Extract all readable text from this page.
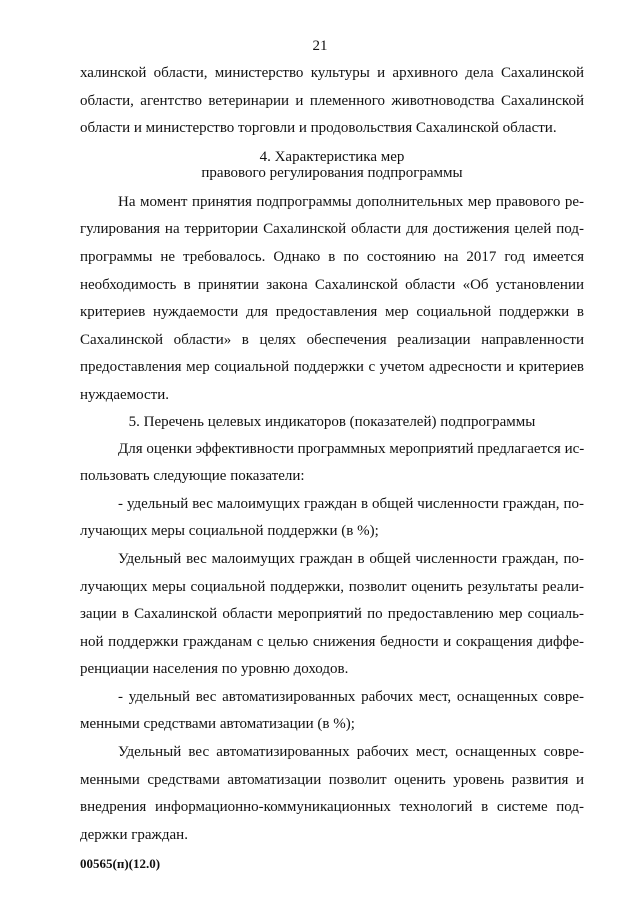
21

халинской области, министерство культуры и архивного дела Сахалинской
области, агентство ветеринарии и племенного животноводства Сахалинской
области и министерство торговли и продовольствия Сахалинской области.

4. Характеристика мер
правового регулирования подпрограммы

На момент принятия подпрограммы дополнительных мер правового ре-
гулирования на территории Сахалинской области для достижения целей под-
программы не требовалось. Однако в по состоянию на 2017 год имеется
необходимость в принятии закона Сахалинской области «Об установлении
критериев нуждаемости для предоставления мер социальной поддержки в
Сахалинской области» в целях обеспечения реализации направленности
предоставления мер социальной поддержки с учетом адресности и критериев
нуждаемости.

5. Перечень целевых индикаторов (показателей) подпрограммы

Для оценки эффективности программных мероприятий предлагается ис-
пользовать следующие показатели:

- удельный вес малоимущих граждан в общей численности граждан, по-
лучающих меры социальной поддержки (в %);

Удельный вес малоимущих граждан в общей численности граждан, по-
лучающих меры социальной поддержки, позволит оценить результаты реали-
зации в Сахалинской области мероприятий по предоставлению мер социаль-
ной поддержки гражданам с целью снижения бедности и сокращения диффе-
ренциации населения по уровню доходов.

- удельный вес автоматизированных рабочих мест, оснащенных совре-
менными средствами автоматизации (в %);

Удельный вес автоматизированных рабочих мест, оснащенных совре-
менными средствами автоматизации позволит оценить уровень развития и
внедрения информационно-коммуникационных технологий в системе под-
держки граждан.

00565(п)(12.0)
